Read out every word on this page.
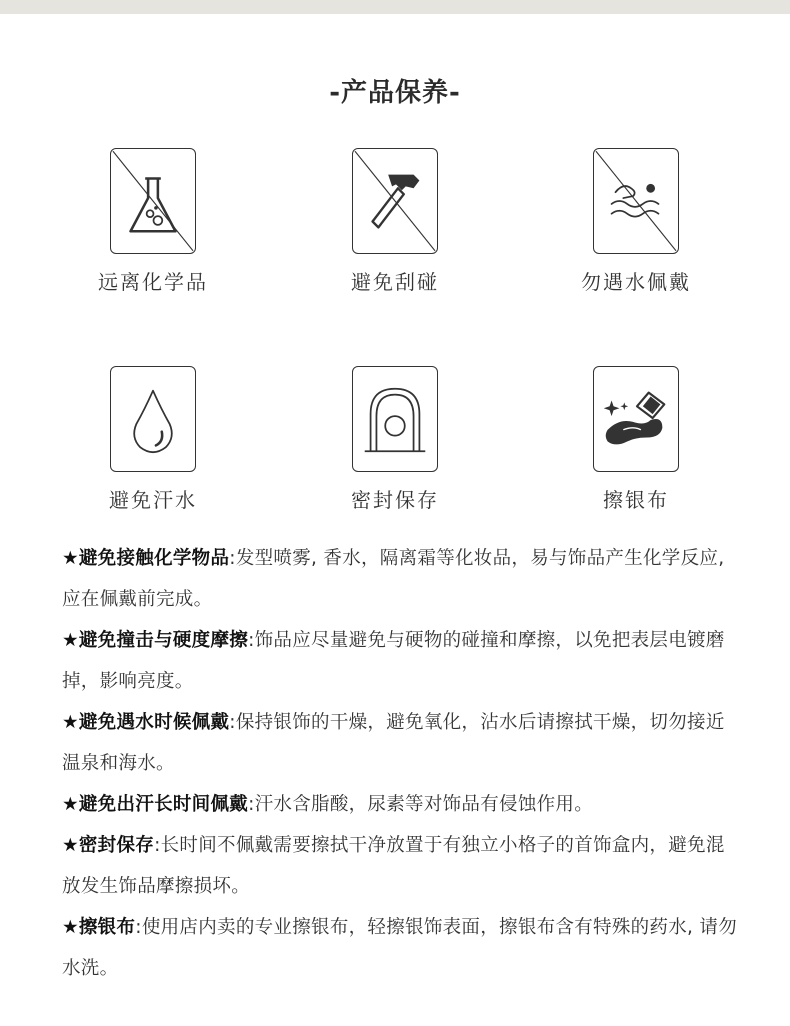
-产品保养-
远离化学品	避免刮碰	勿遇水佩戴
避免汗水	密封保存	擦银布
★避免接触化学物品:发型喷雾, 香水，隔离霜等化妆品，易与饰品产生化学反应, 应在佩戴前完成。
★避免撞击与硬度摩擦:饰品应尽量避免与硬物的碰撞和摩擦，以免把表层电镀磨掉，影响亮度。
★避免遇水时候佩戴:保持银饰的干燥，避免氧化，沾水后请擦拭干燥，切勿接近温泉和海水。
★避免出汗长时间佩戴:汗水含脂酸，尿素等对饰品有侵蚀作用。
★密封保存:长时间不佩戴需要擦拭干净放置于有独立小格子的首饰盒内，避免混放发生饰品摩擦损坏。
★擦银布:使用店内卖的专业擦银布，轻擦银饰表面，擦银布含有特殊的药水, 请勿水洗。
